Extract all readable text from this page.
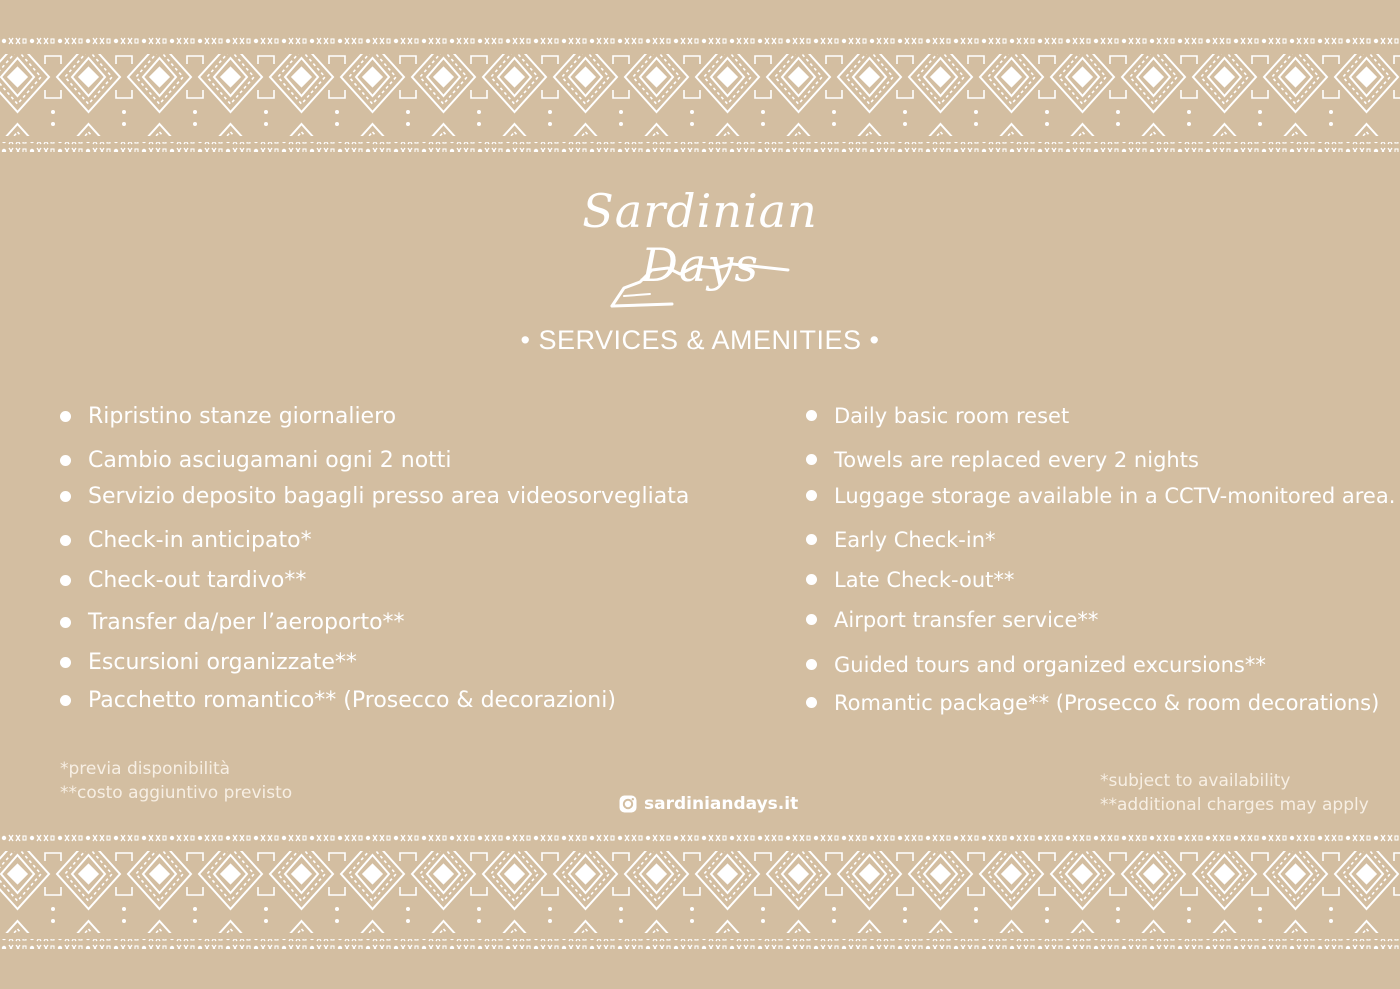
Sardinian Days
• SERVICES & AMENITIES •
Ripristino stanze giornaliero
Cambio asciugamani ogni 2 notti
Servizio deposito bagagli presso area videosorvegliata
Check-in anticipato*
Check-out tardivo**
Transfer da/per l’aeroporto**
Escursioni organizzate**
Pacchetto romantico** (Prosecco & decorazioni)
Daily basic room reset
Towels are replaced every 2 nights
Luggage storage available in a CCTV-monitored area.
Early Check-in*
Late Check-out**
Airport transfer service**
Guided tours and organized excursions**
Romantic package** (Prosecco & room decorations)
*previa disponibilità
**costo aggiuntivo previsto
sardiniandays.it
*subject to availability
**additional charges may apply
